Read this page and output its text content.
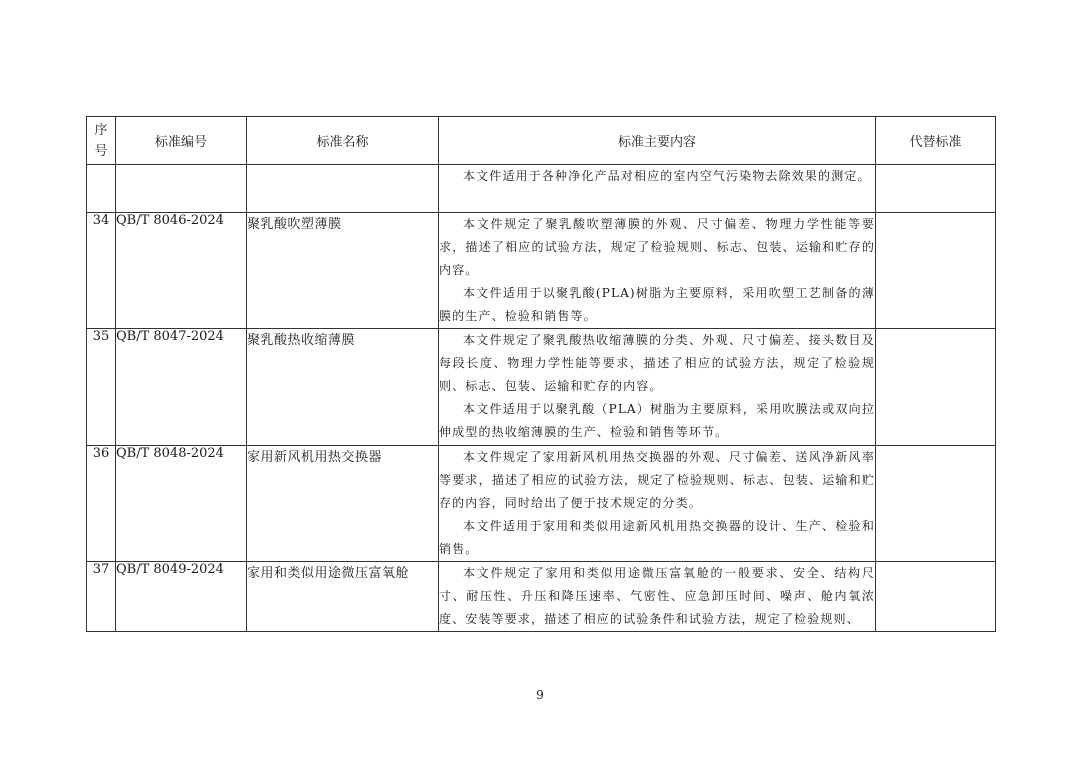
序
号	标准编号	标准名称	标准主要内容	代替标准

			本文件适用于各种净化产品对相应的室内空气污染物去除效果的测定。	

34	QB/T 8046-2024	聚乳酸吹塑薄膜	本文件规定了聚乳酸吹塑薄膜的外观、尺寸偏差、物理力学性能等要求，描述了相应的试验方法，规定了检验规则、标志、包装、运输和贮存的内容。

本文件适用于以聚乳酸(PLA)树脂为主要原料，采用吹塑工艺制备的薄膜的生产、检验和销售等。	

35	QB/T 8047-2024	聚乳酸热收缩薄膜	本文件规定了聚乳酸热收缩薄膜的分类、外观、尺寸偏差、接头数目及每段长度、物理力学性能等要求，描述了相应的试验方法，规定了检验规则、标志、包装、运输和贮存的内容。

本文件适用于以聚乳酸（PLA）树脂为主要原料，采用吹膜法或双向拉伸成型的热收缩薄膜的生产、检验和销售等环节。	

36	QB/T 8048-2024	家用新风机用热交换器	本文件规定了家用新风机用热交换器的外观、尺寸偏差、送风净新风率等要求，描述了相应的试验方法，规定了检验规则、标志、包装、运输和贮存的内容，同时给出了便于技术规定的分类。

本文件适用于家用和类似用途新风机用热交换器的设计、生产、检验和销售。	

37	QB/T 8049-2024	家用和类似用途微压富氧舱	本文件规定了家用和类似用途微压富氧舱的一般要求、安全、结构尺寸、耐压性、升压和降压速率、气密性、应急卸压时间、噪声、舱内氧浓度、安装等要求，描述了相应的试验条件和试验方法，规定了检验规则、	

9
